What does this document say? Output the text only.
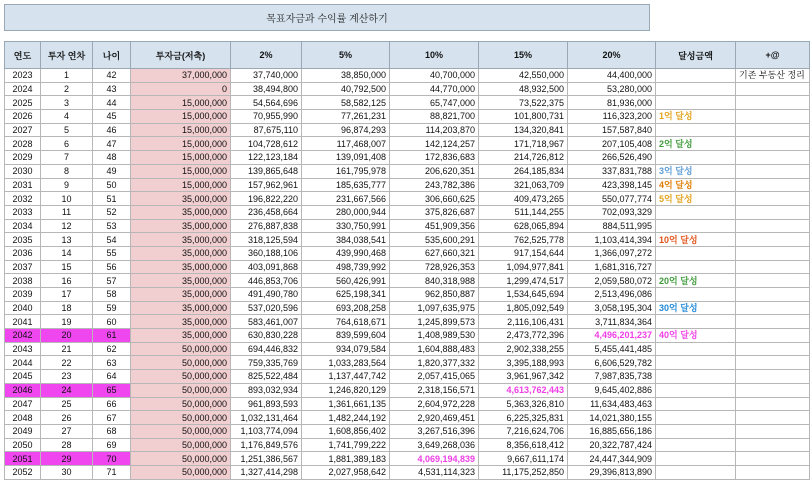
목표자금과 수익률 계산하기
연도	투자 연차	나이	투자금(저축)	2%	5%	10%	15%	20%	달성금액	+@
2023	1	42	37,000,000	37,740,000	38,850,000	40,700,000	42,550,000	44,400,000		기존 부동산 정리
2024	2	43	0	38,494,800	40,792,500	44,770,000	48,932,500	53,280,000		
2025	3	44	15,000,000	54,564,696	58,582,125	65,747,000	73,522,375	81,936,000		
2026	4	45	15,000,000	70,955,990	77,261,231	88,821,700	101,800,731	116,323,200	1억 달성	
2027	5	46	15,000,000	87,675,110	96,874,293	114,203,870	134,320,841	157,587,840		
2028	6	47	15,000,000	104,728,612	117,468,007	142,124,257	171,718,967	207,105,408	2억 달성	
2029	7	48	15,000,000	122,123,184	139,091,408	172,836,683	214,726,812	266,526,490		
2030	8	49	15,000,000	139,865,648	161,795,978	206,620,351	264,185,834	337,831,788	3억 달성	
2031	9	50	15,000,000	157,962,961	185,635,777	243,782,386	321,063,709	423,398,145	4억 달성	
2032	10	51	35,000,000	196,822,220	231,667,566	306,660,625	409,473,265	550,077,774	5억 달성	
2033	11	52	35,000,000	236,458,664	280,000,944	375,826,687	511,144,255	702,093,329		
2034	12	53	35,000,000	276,887,838	330,750,991	451,909,356	628,065,894	884,511,995		
2035	13	54	35,000,000	318,125,594	384,038,541	535,600,291	762,525,778	1,103,414,394	10억 달성	
2036	14	55	35,000,000	360,188,106	439,990,468	627,660,321	917,154,644	1,366,097,272		
2037	15	56	35,000,000	403,091,868	498,739,992	728,926,353	1,094,977,841	1,681,316,727		
2038	16	57	35,000,000	446,853,706	560,426,991	840,318,988	1,299,474,517	2,059,580,072	20억 달성	
2039	17	58	35,000,000	491,490,780	625,198,341	962,850,887	1,534,645,694	2,513,496,086		
2040	18	59	35,000,000	537,020,596	693,208,258	1,097,635,975	1,805,092,549	3,058,195,304	30억 달성	
2041	19	60	35,000,000	583,461,007	764,618,671	1,245,899,573	2,116,106,431	3,711,834,364		
2042	20	61	35,000,000	630,830,228	839,599,604	1,408,989,530	2,473,772,396	4,496,201,237	40억 달성	
2043	21	62	50,000,000	694,446,832	934,079,584	1,604,888,483	2,902,338,255	5,455,441,485		
2044	22	63	50,000,000	759,335,769	1,033,283,564	1,820,377,332	3,395,188,993	6,606,529,782		
2045	23	64	50,000,000	825,522,484	1,137,447,742	2,057,415,065	3,961,967,342	7,987,835,738		
2046	24	65	50,000,000	893,032,934	1,246,820,129	2,318,156,571	4,613,762,443	9,645,402,886		
2047	25	66	50,000,000	961,893,593	1,361,661,135	2,604,972,228	5,363,326,810	11,634,483,463		
2048	26	67	50,000,000	1,032,131,464	1,482,244,192	2,920,469,451	6,225,325,831	14,021,380,155		
2049	27	68	50,000,000	1,103,774,094	1,608,856,402	3,267,516,396	7,216,624,706	16,885,656,186		
2050	28	69	50,000,000	1,176,849,576	1,741,799,222	3,649,268,036	8,356,618,412	20,322,787,424		
2051	29	70	50,000,000	1,251,386,567	1,881,389,183	4,069,194,839	9,667,611,174	24,447,344,909		
2052	30	71	50,000,000	1,327,414,298	2,027,958,642	4,531,114,323	11,175,252,850	29,396,813,890		
